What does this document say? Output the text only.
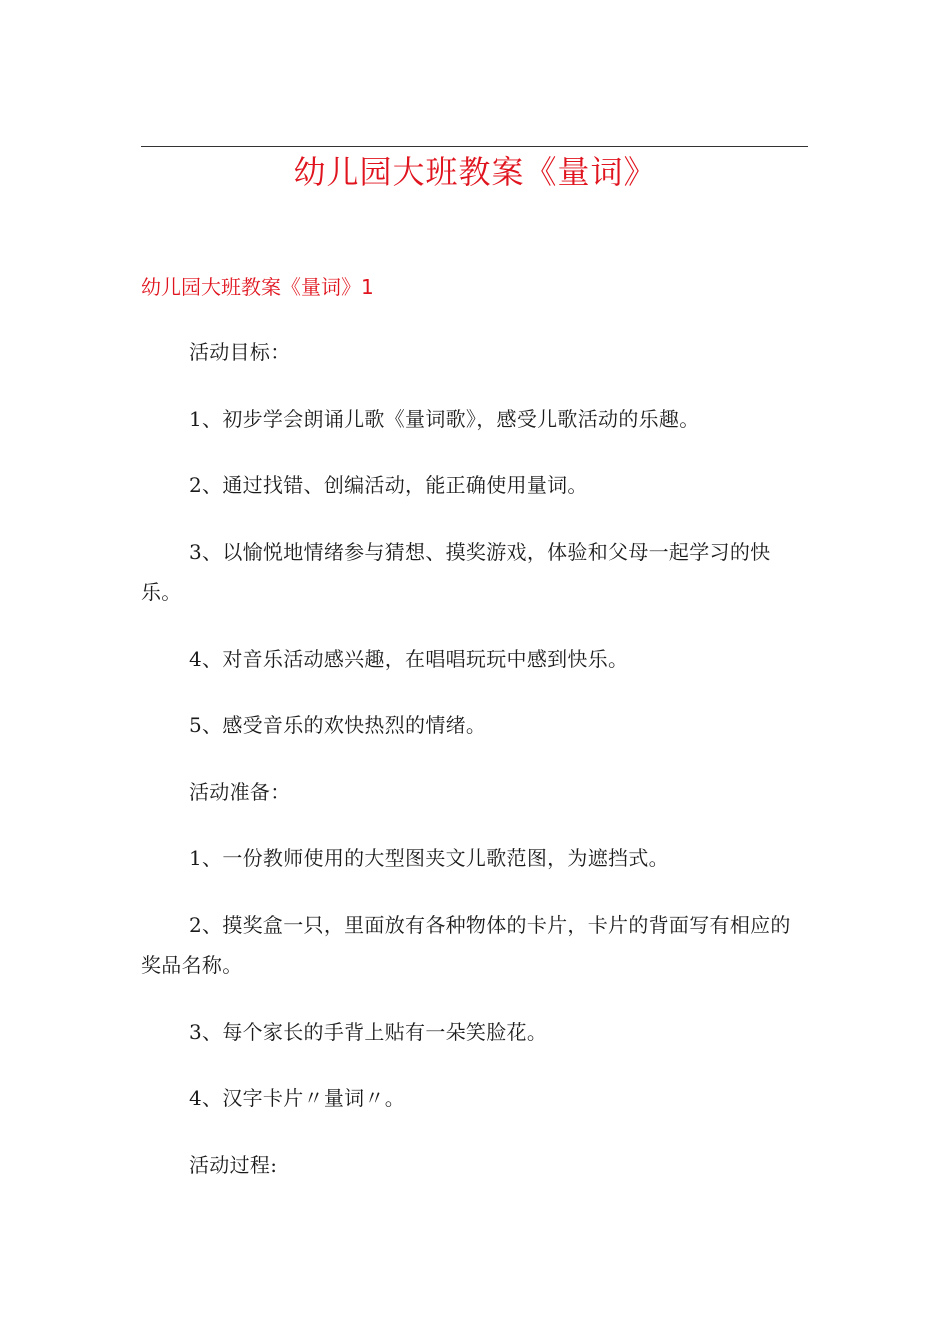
幼儿园大班教案《量词》
幼儿园大班教案《量词》1

活动目标：

1、初步学会朗诵儿歌《量词歌》，感受儿歌活动的乐趣。

2、通过找错、创编活动，能正确使用量词。

3、以愉悦地情绪参与猜想、摸奖游戏，体验和父母一起学习的快乐。

4、对音乐活动感兴趣，在唱唱玩玩中感到快乐。

5、感受音乐的欢快热烈的情绪。

活动准备：

1、一份教师使用的大型图夹文儿歌范图，为遮挡式。

2、摸奖盒一只，里面放有各种物体的卡片，卡片的背面写有相应的奖品名称。

3、每个家长的手背上贴有一朵笑脸花。

4、汉字卡片〃量词〃。

活动过程:
